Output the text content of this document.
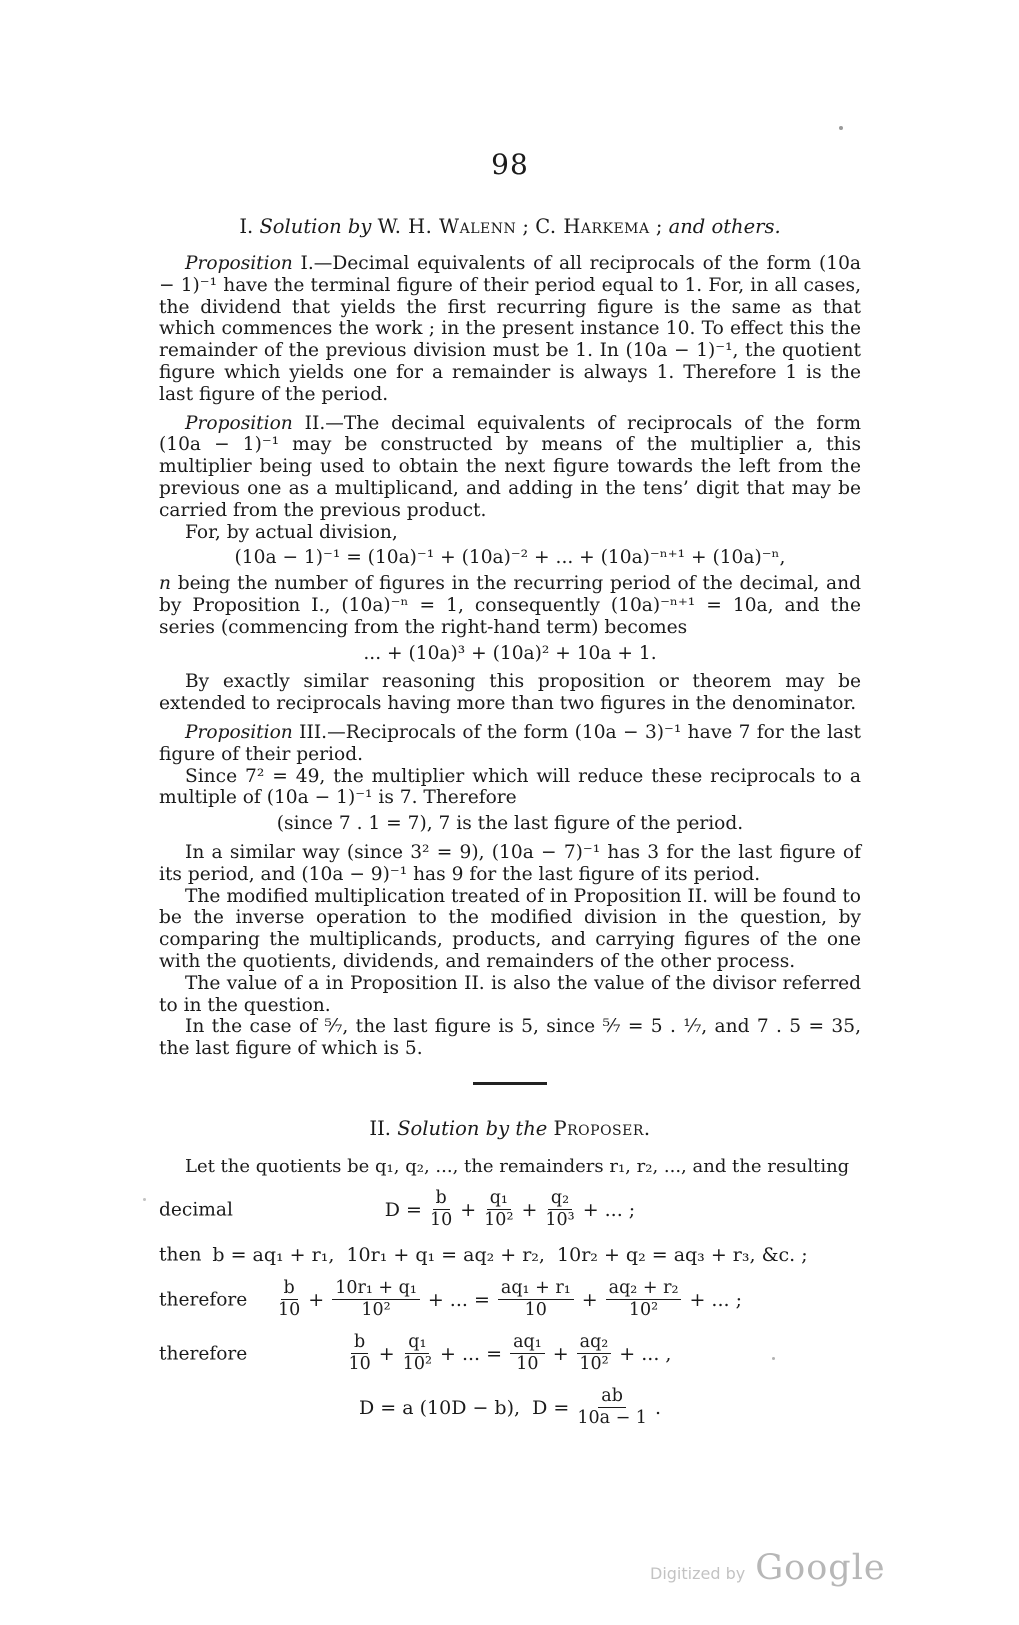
98
I. Solution by W. H. Walenn ; C. Harkema ; and others.

Proposition I.—Decimal equivalents of all reciprocals of the form (10a − 1)⁻¹ have the terminal figure of their period equal to 1. For, in all cases, the dividend that yields the first recurring figure is the same as that which commences the work ; in the present instance 10. To effect this the remainder of the previous division must be 1. In (10a − 1)⁻¹, the quotient figure which yields one for a remainder is always 1. Therefore 1 is the last figure of the period.

Proposition II.—The decimal equivalents of reciprocals of the form (10a − 1)⁻¹ may be constructed by means of the multiplier a, this multiplier being used to obtain the next figure towards the left from the previous one as a multiplicand, and adding in the tens’ digit that may be carried from the previous product.

For, by actual division,

(10a − 1)⁻¹ = (10a)⁻¹ + (10a)⁻² + ... + (10a)⁻ⁿ⁺¹ + (10a)⁻ⁿ,

n being the number of figures in the recurring period of the decimal, and by Proposition I., (10a)⁻ⁿ = 1, consequently (10a)⁻ⁿ⁺¹ = 10a, and the series (commencing from the right-hand term) becomes

... + (10a)³ + (10a)² + 10a + 1.

By exactly similar reasoning this proposition or theorem may be extended to reciprocals having more than two figures in the denominator.

Proposition III.—Reciprocals of the form (10a − 3)⁻¹ have 7 for the last figure of their period.

Since 7² = 49, the multiplier which will reduce these reciprocals to a multiple of (10a − 1)⁻¹ is 7. Therefore

(since 7 . 1 = 7), 7 is the last figure of the period.

In a similar way (since 3² = 9), (10a − 7)⁻¹ has 3 for the last figure of its period, and (10a − 9)⁻¹ has 9 for the last figure of its period.

The modified multiplication treated of in Proposition II. will be found to be the inverse operation to the modified division in the question, by comparing the multiplicands, products, and carrying figures of the one with the quotients, dividends, and remainders of the other process.

The value of a in Proposition II. is also the value of the divisor referred to in the question.

In the case of ⁵⁄₇, the last figure is 5, since ⁵⁄₇ = 5 . ¹⁄₇, and 7 . 5 = 35, the last figure of which is 5.

II. Solution by the Proposer.

Let the quotients be q₁, q₂, ..., the remainders r₁, r₂, ..., and the resulting

decimal	$D = \frac{b}{10} + \frac{\text{q₁}}{\text{10²}} + \frac{\text{q₂}}{\text{10³}}$ + ... ;
then b = aq₁ + r₁,  10r₁ + q₁ = aq₂ + r₂,  10r₂ + q₂ = aq₃ + r₃, &c. ;
therefore $\frac{b}{10} + \frac{\text{10r₁ + q₁}}{\text{10²}}$ + ... = $\frac{\text{aq₁ + r₁}}{10} + \frac{\text{aq₂ + r₂}}{\text{10²}}$ + ... ;
therefore	$\frac{b}{10} + \frac{\text{q₁}}{\text{10²}}$ + ... = $\frac{\text{aq₁}}{10} + \frac{\text{aq₂}}{\text{10²}}$ + ... ,
D = a (10D − b),  $D = \frac{ab}{10a - 1}$ .
Digitized by Google
